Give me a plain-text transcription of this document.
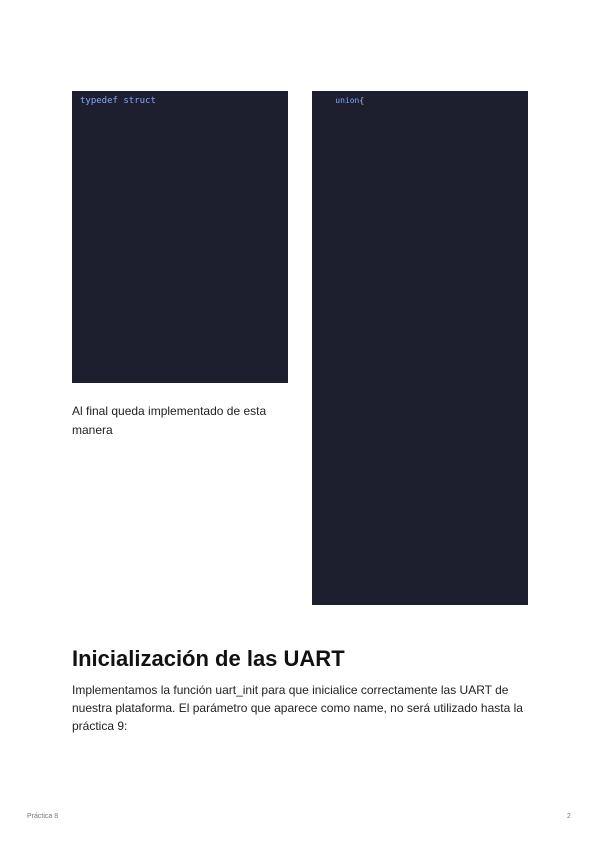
typedef struct

	union{

Al final queda implementado de esta manera
Inicialización de las UART

Implementamos la función uart_init para que inicialice correctamente las UART de nuestra plataforma. El parámetro que aparece como name, no será utilizado hasta la práctica 9:

Práctica 8	2
